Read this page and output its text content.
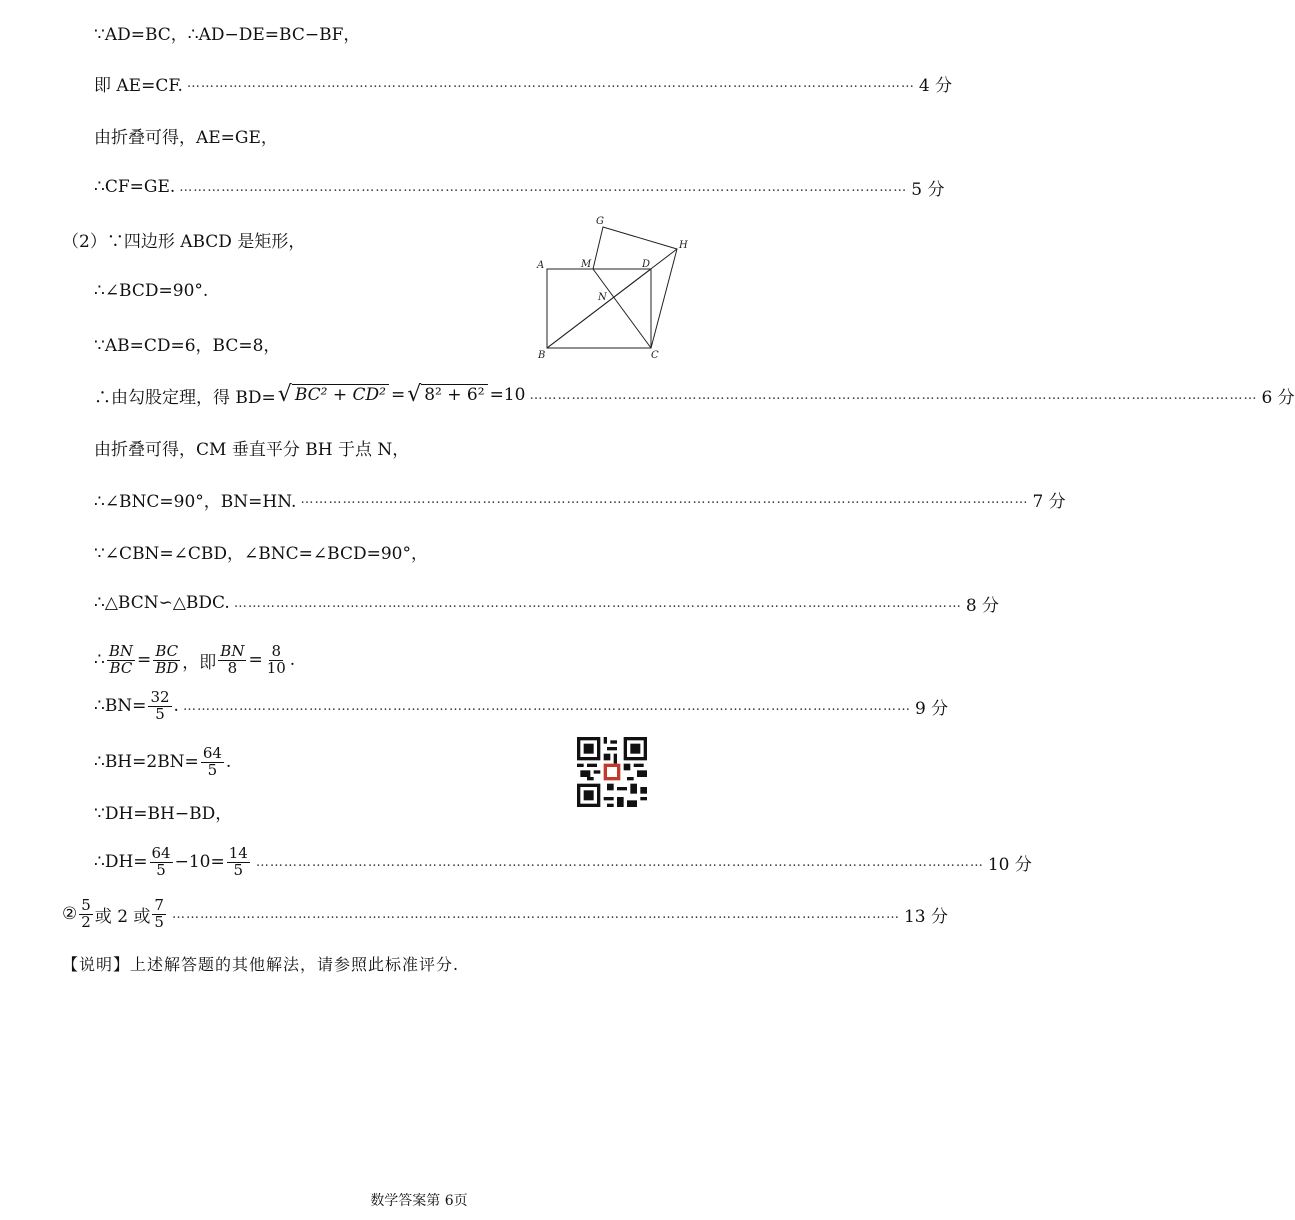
∵AD=BC，∴AD−DE=BC−BF，
即 AE=CF. ………………………………………………………………………………………………………………………………………… 4 分
由折叠可得，AE=GE，
∴CF=GE. ………………………………………………………………………………………………………………………………………… 5 分
（2）∵四边形 ABCD 是矩形，
∴∠BCD=90°.
∵AB=CD=6，BC=8，
∴由勾股定理，得 BD= √ BC² + CD² = √ 8² + 6² =10 ………………………………………………………………………………………………………………………………………… 6 分
由折叠可得，CM 垂直平分 BH 于点 N，
∴∠BNC=90°，BN=HN. ………………………………………………………………………………………………………………………………………… 7 分
∵∠CBN=∠CBD，∠BNC=∠BCD=90°，
∴△BCN∽△BDC. ………………………………………………………………………………………………………………………………………… 8 分
∴ $\frac{BN}{BC} = \frac{BC}{BD}$ ，即 $\frac{BN}{8} = \frac{8}{10}$ .
∴BN= $\frac{32}{5}$ . ………………………………………………………………………………………………………………………………………… 9 分
∴BH=2BN= $\frac{64}{5}$ .
∵DH=BH−BD，
∴DH= $\frac{64}{5} -10= \frac{14}{5}$ ………………………………………………………………………………………………………………………………………… 10 分
② $\frac{5}{2}$ 或 2 或 $\frac{7}{5}$ ………………………………………………………………………………………………………………………………………… 13 分
【说明】上述解答题的其他解法，请参照此标准评分.
A
B	C
D
G
H
M
N
数学答案第 6页
